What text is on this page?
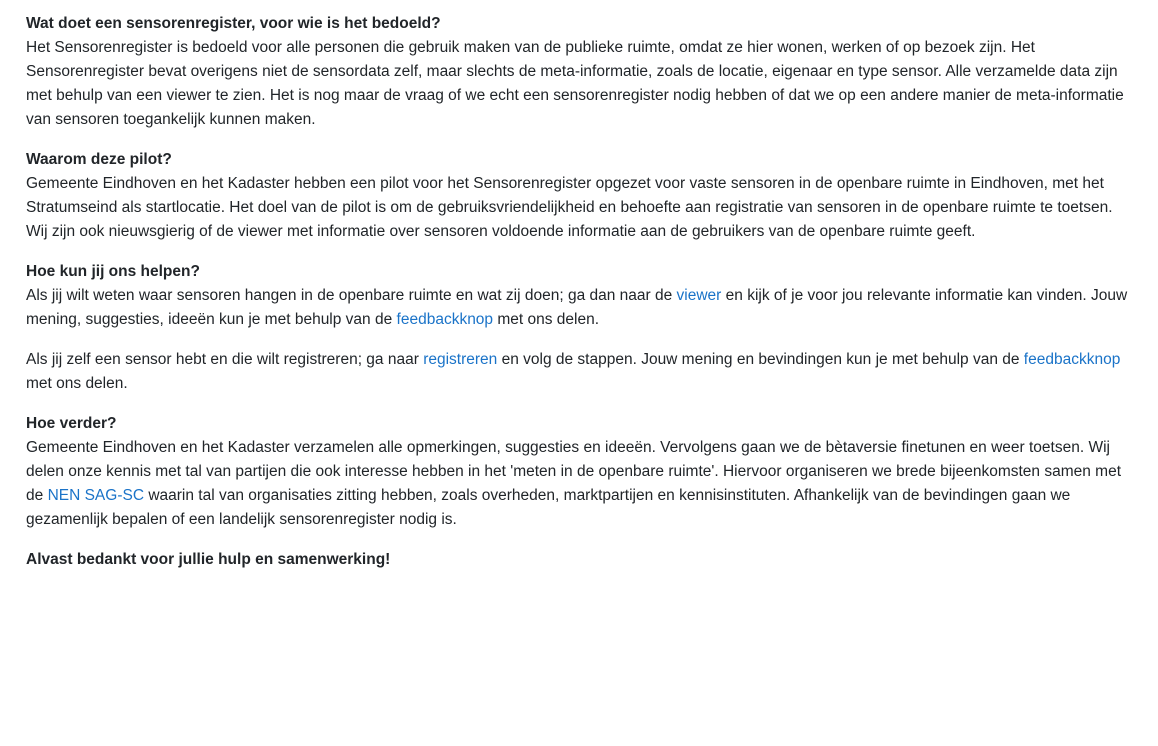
Wat doet een sensorenregister, voor wie is het bedoeld?

Het Sensorenregister is bedoeld voor alle personen die gebruik maken van de publieke ruimte, omdat ze hier wonen, werken of op bezoek zijn. Het Sensorenregister bevat overigens niet de sensordata zelf, maar slechts de meta-informatie, zoals de locatie, eigenaar en type sensor. Alle verzamelde data zijn met behulp van een viewer te zien. Het is nog maar de vraag of we echt een sensorenregister nodig hebben of dat we op een andere manier de meta-informatie van sensoren toegankelijk kunnen maken.

Waarom deze pilot?

Gemeente Eindhoven en het Kadaster hebben een pilot voor het Sensorenregister opgezet voor vaste sensoren in de openbare ruimte in Eindhoven, met het Stratumseind als startlocatie. Het doel van de pilot is om de gebruiksvriendelijkheid en behoefte aan registratie van sensoren in de openbare ruimte te toetsen. Wij zijn ook nieuwsgierig of de viewer met informatie over sensoren voldoende informatie aan de gebruikers van de openbare ruimte geeft.

Hoe kun jij ons helpen?

Als jij wilt weten waar sensoren hangen in de openbare ruimte en wat zij doen; ga dan naar de viewer en kijk of je voor jou relevante informatie kan vinden. Jouw mening, suggesties, ideeën kun je met behulp van de feedbackknop met ons delen.

Als jij zelf een sensor hebt en die wilt registreren; ga naar registreren en volg de stappen. Jouw mening en bevindingen kun je met behulp van de feedbackknop met ons delen.

Hoe verder?

Gemeente Eindhoven en het Kadaster verzamelen alle opmerkingen, suggesties en ideeën. Vervolgens gaan we de bètaversie finetunen en weer toetsen. Wij delen onze kennis met tal van partijen die ook interesse hebben in het 'meten in de openbare ruimte'. Hiervoor organiseren we brede bijeenkomsten samen met de NEN SAG-SC waarin tal van organisaties zitting hebben, zoals overheden, marktpartijen en kennisinstituten. Afhankelijk van de bevindingen gaan we gezamenlijk bepalen of een landelijk sensorenregister nodig is.

Alvast bedankt voor jullie hulp en samenwerking!
